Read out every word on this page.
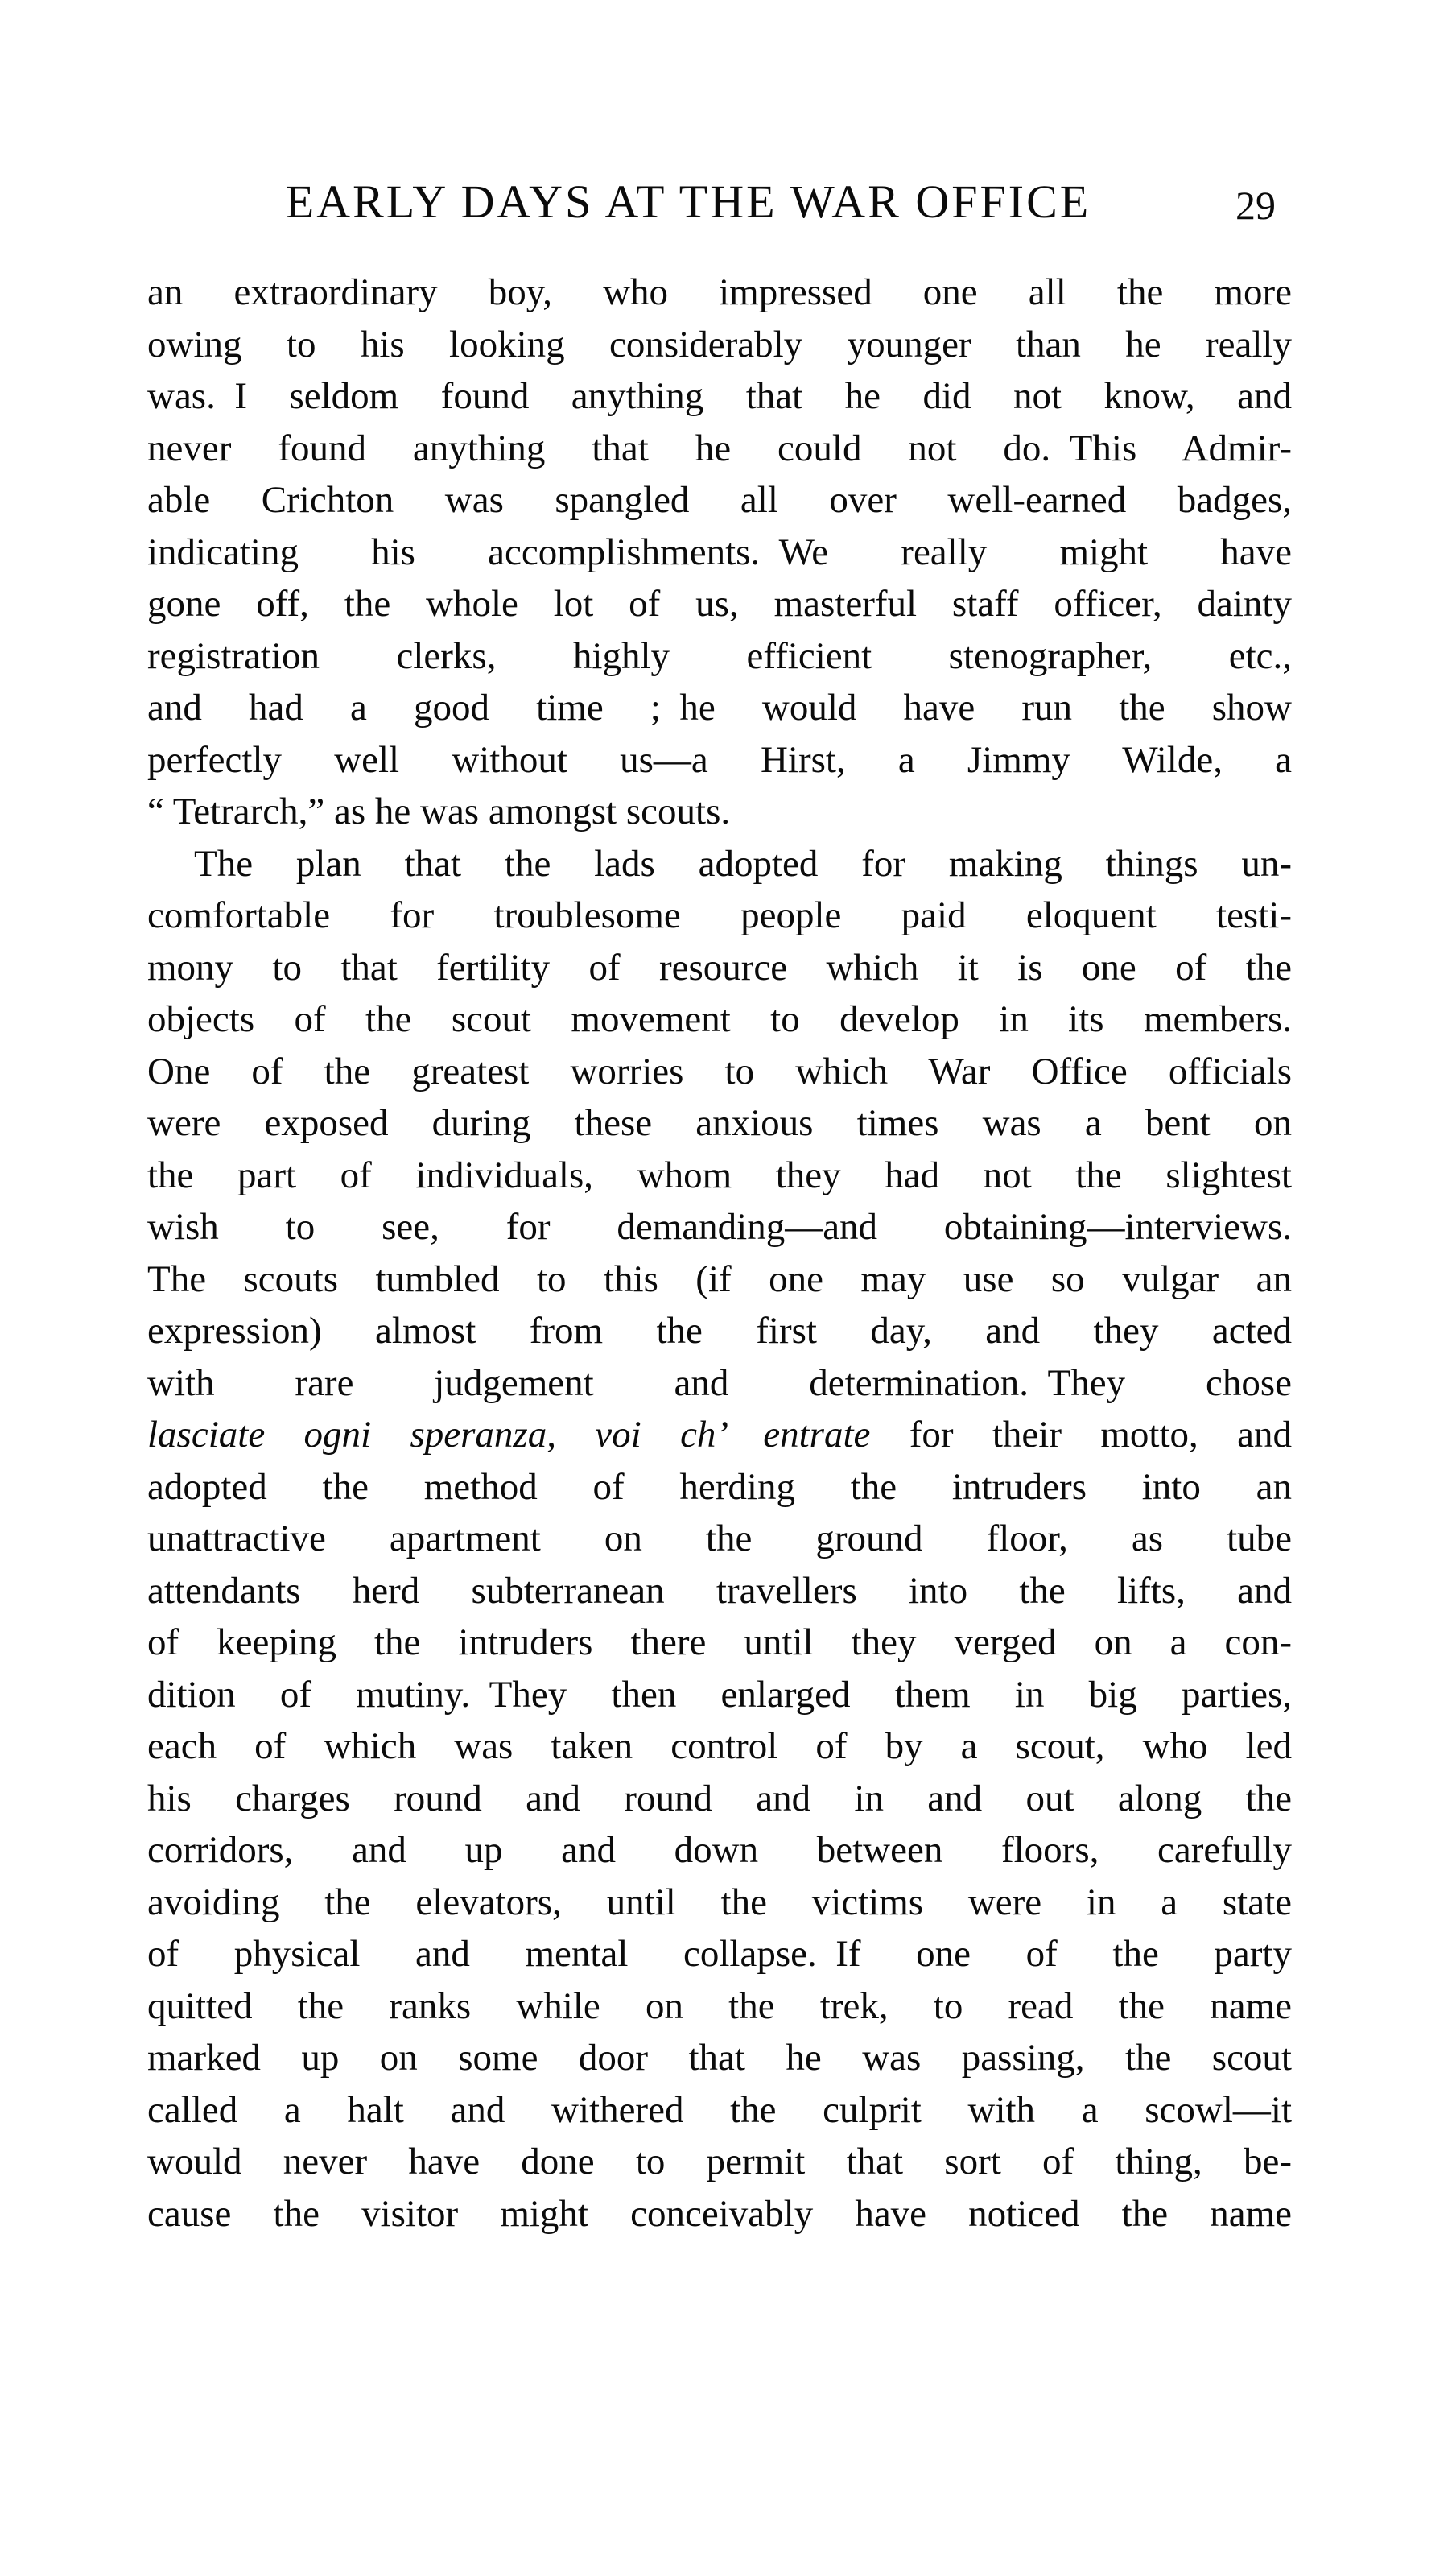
EARLY DAYS AT THE WAR OFFICE	29
an extraordinary boy, who impressed one all the more
owing to his looking considerably younger than he really
was. I seldom found anything that he did not know, and
never found anything that he could not do. This Admir-
able Crichton was spangled all over well-earned badges,
indicating his accomplishments. We really might have
gone off, the whole lot of us, masterful staff officer, dainty
registration clerks, highly efficient stenographer, etc.,
and had a good time ; he would have run the show
perfectly well without us—a Hirst, a Jimmy Wilde, a
“ Tetrarch,” as he was amongst scouts.
The plan that the lads adopted for making things un-
comfortable for troublesome people paid eloquent testi-
mony to that fertility of resource which it is one of the
objects of the scout movement to develop in its members.
One of the greatest worries to which War Office officials
were exposed during these anxious times was a bent on
the part of individuals, whom they had not the slightest
wish to see, for demanding—and obtaining—interviews.
The scouts tumbled to this (if one may use so vulgar an
expression) almost from the first day, and they acted
with rare judgement and determination. They chose
lasciate ogni speranza, voi ch’ entrate for their motto, and
adopted the method of herding the intruders into an
unattractive apartment on the ground floor, as tube
attendants herd subterranean travellers into the lifts, and
of keeping the intruders there until they verged on a con-
dition of mutiny. They then enlarged them in big parties,
each of which was taken control of by a scout, who led
his charges round and round and in and out along the
corridors, and up and down between floors, carefully
avoiding the elevators, until the victims were in a state
of physical and mental collapse. If one of the party
quitted the ranks while on the trek, to read the name
marked up on some door that he was passing, the scout
called a halt and withered the culprit with a scowl—it
would never have done to permit that sort of thing, be-
cause the visitor might conceivably have noticed the name
